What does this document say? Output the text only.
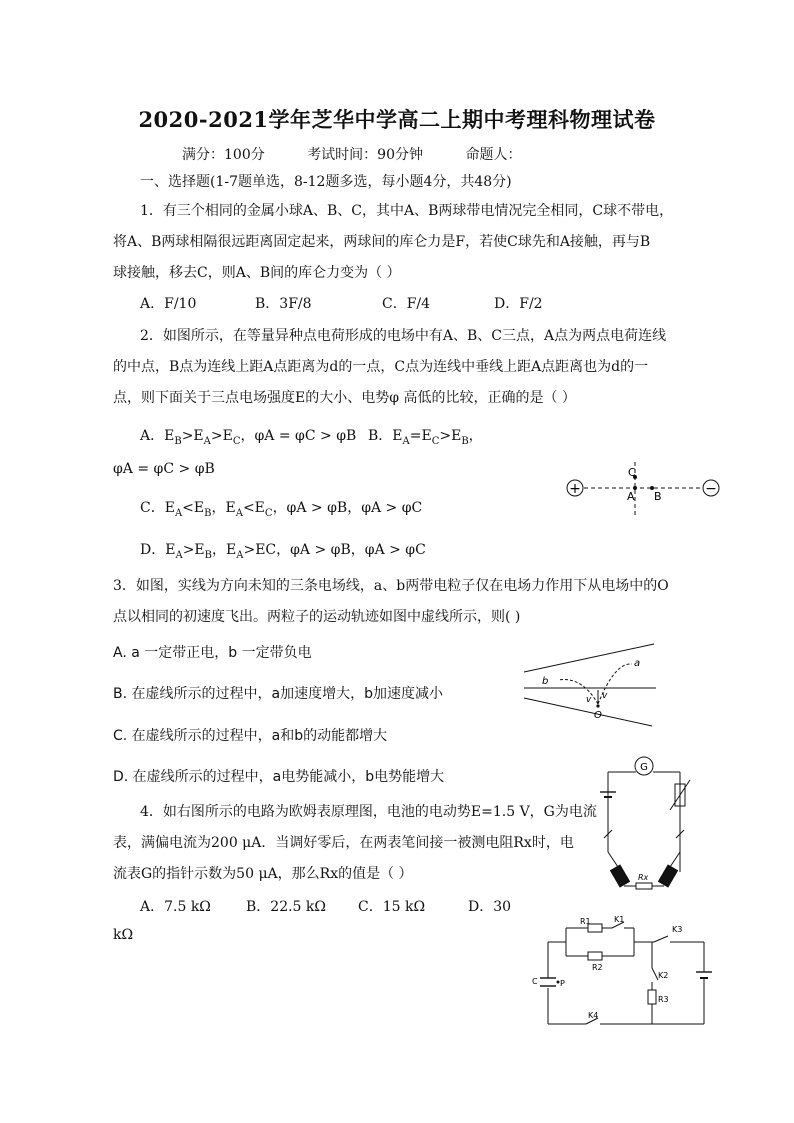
2020-2021学年芝华中学高二上期中考理科物理试卷
满分：100分	考试时间：90分钟	命题人：
一、选择题(1-7题单选，8-12题多选，每小题4分，共48分)
1．有三个相同的金属小球A、B、C，其中A、B两球带电情况完全相同，C球不带电，
将A、B两球相隔很远距离固定起来，两球间的库仑力是F，若使C球先和A接触，再与B
球接触，移去C，则A、B间的库仑力变为（ ）
A．F/10	B．3F/8	C．F/4	D．F/2
2．如图所示，在等量异种点电荷形成的电场中有A、B、C三点，A点为两点电荷连线
的中点，B点为连线上距A点距离为d的一点，C点为连线中垂线上距A点距离也为d的一
点，则下面关于三点电场强度E的大小、电势φ 高低的比较，正确的是（ ）
A．$E_B>E_A>E_C$，φA = φC > φB B．$E_A=E_C>E_B$，
φA = φC > φB
C．$E_A<E_B$，$E_A<E_C$，φA > φB，φA > φC
D．$E_A>E_B$，$E_A>EC$，φA > φB，φA > φC
+	−
C
A B
3．如图，实线为方向未知的三条电场线，a、b两带电粒子仅在电场力作用下从电场中的O
点以相同的初速度飞出。两粒子的运动轨迹如图中虚线所示，则( )
A. a 一定带正电，b 一定带负电
B. 在虚线所示的过程中，a加速度增大，b加速度减小
C. 在虚线所示的过程中，a和b的动能都增大
D. 在虚线所示的过程中，a电势能减小，b电势能增大
a
b
O
v v
G
Rx
4．如右图所示的电路为欧姆表原理图，电池的电动势E=1.5 V，G为电流
表，满偏电流为200 μA．当调好零后，在两表笔间接一被测电阻Rx时，电
流表G的指针示数为50 μA，那么Rx的值是（ ）
A．7.5 kΩ	B．22.5 kΩ C．15 kΩ	D．30
kΩ
R1	K1
R2
K3
K2
R3
C	P
K4
